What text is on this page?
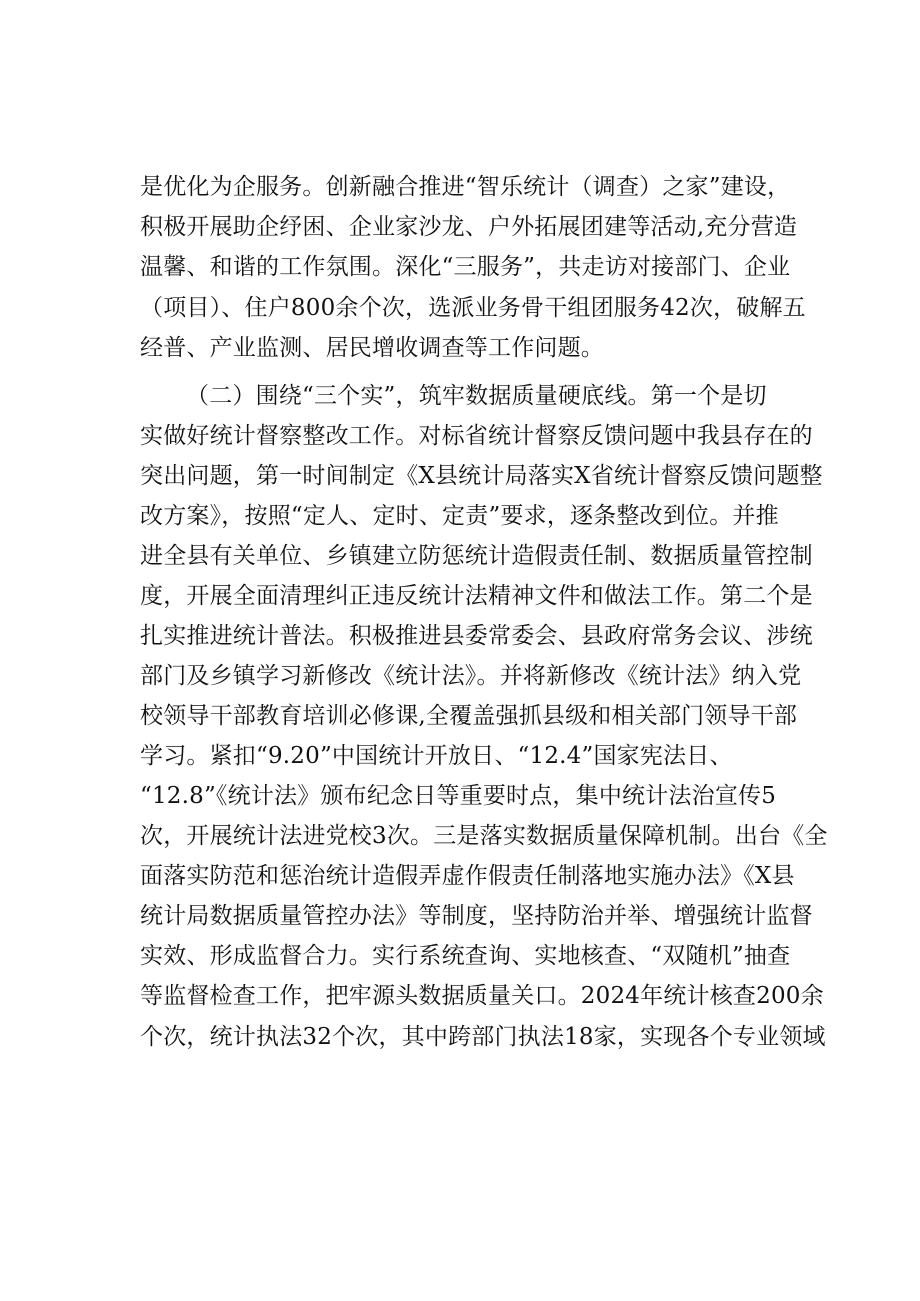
是优化为企服务。创新融合推进“智乐统计（调查）之家”建设，
积极开展助企纾困、企业家沙龙、户外拓展团建等活动,充分营造
温馨、和谐的工作氛围。深化“三服务”，共走访对接部门、企业
（项目）、住户800余个次，选派业务骨干组团服务42次，破解五
经普、产业监测、居民增收调查等工作问题。
（二）围绕“三个实”，筑牢数据质量硬底线。第一个是切
实做好统计督察整改工作。对标省统计督察反馈问题中我县存在的
突出问题，第一时间制定《X县统计局落实X省统计督察反馈问题整
改方案》，按照“定人、定时、定责”要求，逐条整改到位。并推
进全县有关单位、乡镇建立防惩统计造假责任制、数据质量管控制
度，开展全面清理纠正违反统计法精神文件和做法工作。第二个是
扎实推进统计普法。积极推进县委常委会、县政府常务会议、涉统
部门及乡镇学习新修改《统计法》。并将新修改《统计法》纳入党
校领导干部教育培训必修课,全覆盖强抓县级和相关部门领导干部
学习。紧扣“9.20”中国统计开放日、“12.4”国家宪法日、
“12.8”《统计法》颁布纪念日等重要时点，集中统计法治宣传5
次，开展统计法进党校3次。三是落实数据质量保障机制。出台《全
面落实防范和惩治统计造假弄虚作假责任制落地实施办法》《X县
统计局数据质量管控办法》等制度，坚持防治并举、增强统计监督
实效、形成监督合力。实行系统查询、实地核查、“双随机”抽查
等监督检查工作，把牢源头数据质量关口。2024年统计核查200余
个次，统计执法32个次，其中跨部门执法18家，实现各个专业领域
